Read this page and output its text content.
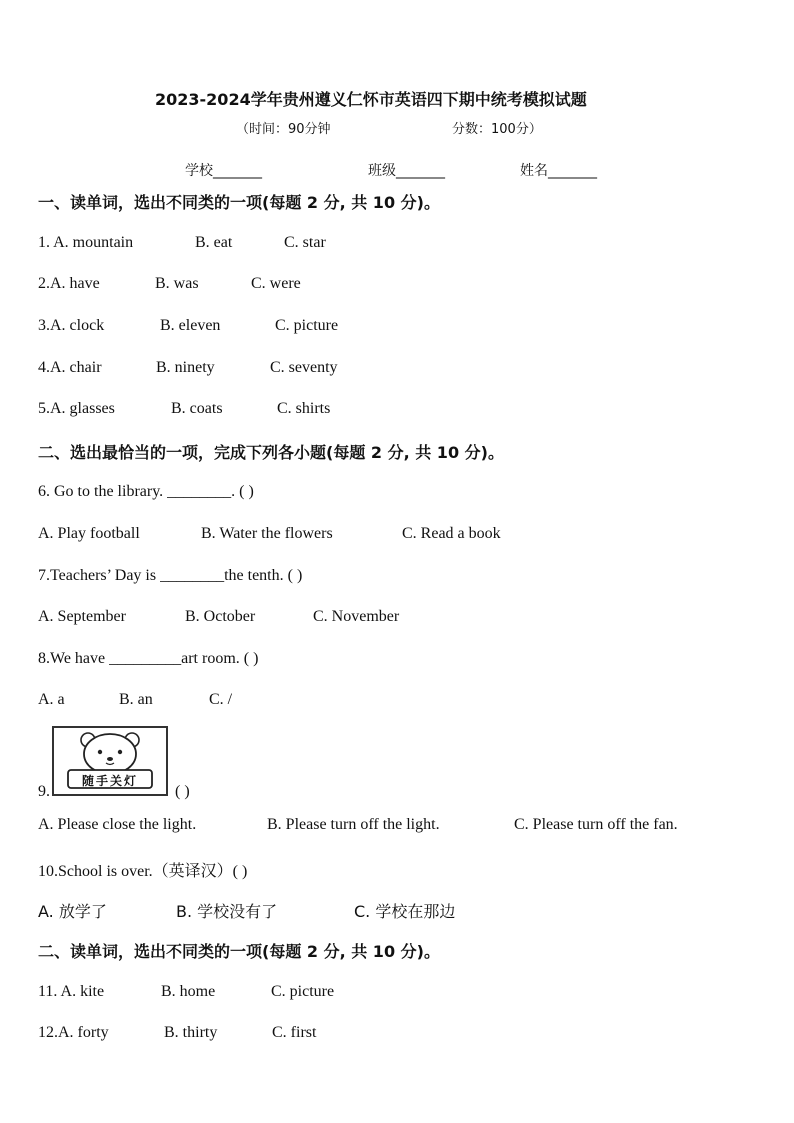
2023-2024学年贵州遵义仁怀市英语四下期中统考模拟试题
（时间：90分钟	分数：100分）
学校_______	班级_______	姓名_______
一、读单词，选出不同类的一项(每题 2 分, 共 10 分)。
1. A. mountain	B. eat	C. star
2.A. have	B. was	C. were
3.A. clock	B. eleven	C. picture
4.A. chair	B. ninety	C. seventy
5.A. glasses	B. coats	C. shirts
二、选出最恰当的一项，完成下列各小题(每题 2 分, 共 10 分)。
6. Go to the library. ________. ( )
A. Play football	B. Water the flowers	C. Read a book
7.Teachers’ Day is ________the tenth. ( )
A. September	B. October	C. November
8.We have _________art room. ( )
A. a	B. an	C. /
随手关灯
9.	( )
A. Please close the light.	B. Please turn off the light.	C. Please turn off the fan.
10.School is over.（英译汉）( )
A. 放学了	B. 学校没有了	C. 学校在那边
二、读单词，选出不同类的一项(每题 2 分, 共 10 分)。
11. A. kite	B. home	C. picture
12.A. forty	B. thirty	C. first
